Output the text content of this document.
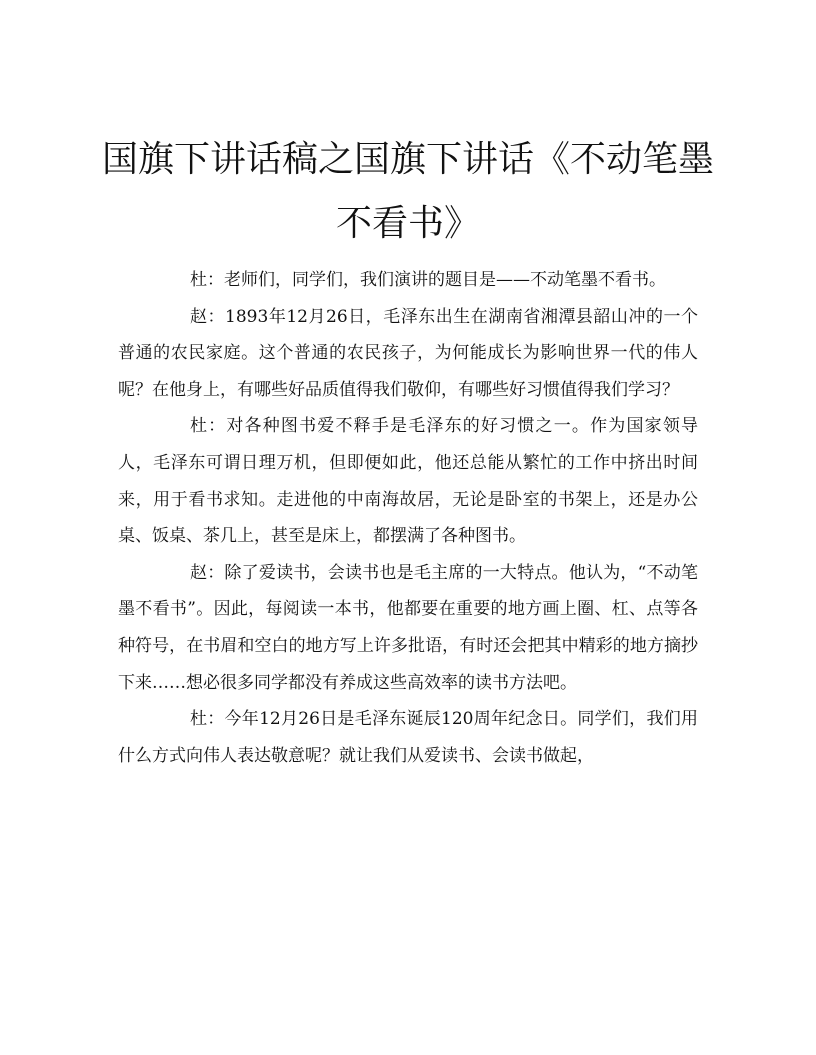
国旗下讲话稿之国旗下讲话《不动笔墨不看书》

杜：老师们，同学们，我们演讲的题目是——不动笔墨不看书。

赵：1893年12月26日，毛泽东出生在湖南省湘潭县韶山冲的一个普通的农民家庭。这个普通的农民孩子，为何能成长为影响世界一代的伟人呢？在他身上，有哪些好品质值得我们敬仰，有哪些好习惯值得我们学习？

杜：对各种图书爱不释手是毛泽东的好习惯之一。作为国家领导人，毛泽东可谓日理万机，但即便如此，他还总能从繁忙的工作中挤出时间来，用于看书求知。走进他的中南海故居，无论是卧室的书架上，还是办公桌、饭桌、茶几上，甚至是床上，都摆满了各种图书。

赵：除了爱读书，会读书也是毛主席的一大特点。他认为，“不动笔墨不看书”。因此，每阅读一本书，他都要在重要的地方画上圈、杠、点等各种符号，在书眉和空白的地方写上许多批语，有时还会把其中精彩的地方摘抄下来……想必很多同学都没有养成这些高效率的读书方法吧。

杜：今年12月26日是毛泽东诞辰120周年纪念日。同学们，我们用什么方式向伟人表达敬意呢？就让我们从爱读书、会读书做起，
